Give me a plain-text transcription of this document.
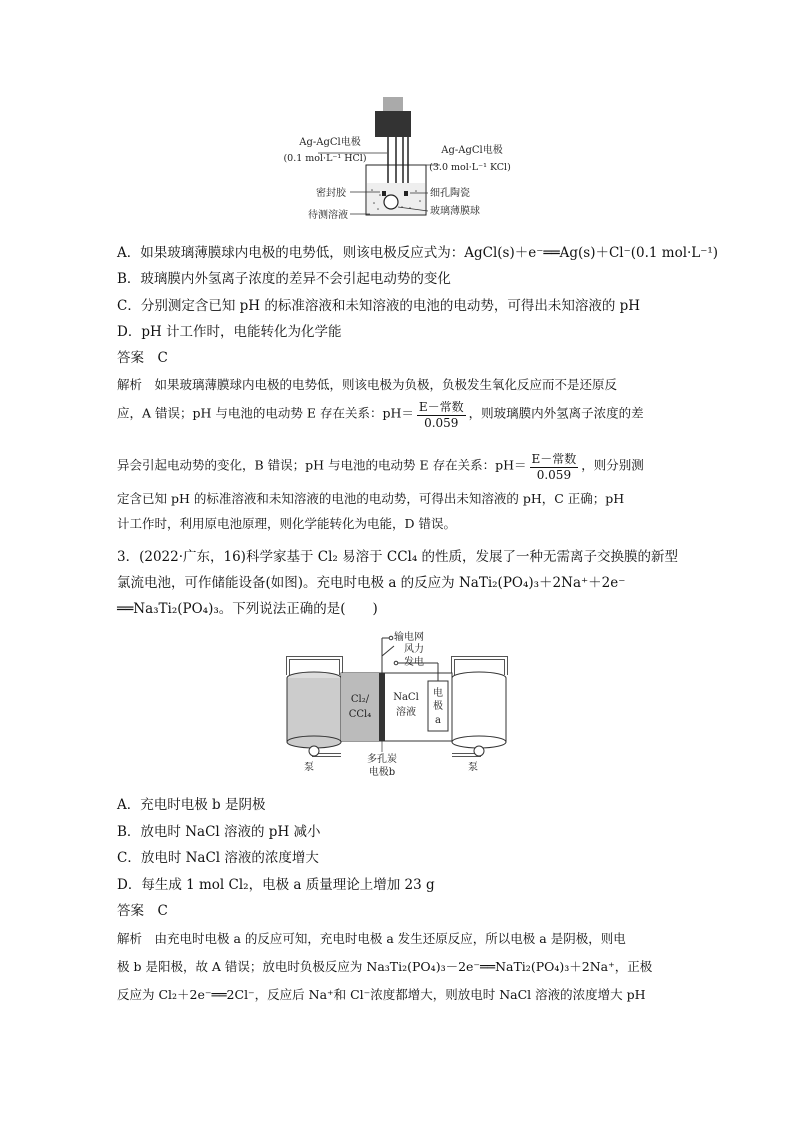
Ag-AgCl电极
(0.1 mol·L⁻¹ HCl)
Ag-AgCl电极
(3.0 mol·L⁻¹ KCl)
密封胶
待测溶液
细孔陶瓷
玻璃薄膜球
A．如果玻璃薄膜球内电极的电势低，则该电极反应式为：AgCl(s)＋e⁻══Ag(s)＋Cl⁻(0.1 mol·L⁻¹)
B．玻璃膜内外氢离子浓度的差异不会引起电动势的变化
C．分别测定含已知 pH 的标准溶液和未知溶液的电池的电动势，可得出未知溶液的 pH
D．pH 计工作时，电能转化为化学能
答案　C
解析　如果玻璃薄膜球内电极的电势低，则该电极为负极，负极发生氧化反应而不是还原反
应，A 错误；pH 与电池的电动势 E 存在关系：$pH= \frac{\text{E－常数}}{0.059}$ ，则玻璃膜内外氢离子浓度的差
异会引起电动势的变化，B 错误；pH 与电池的电动势 E 存在关系：$pH= \frac{\text{E－常数}}{0.059}$ ，则分别测
定含已知 pH 的标准溶液和未知溶液的电池的电动势，可得出未知溶液的 pH，C 正确；pH
计工作时，利用原电池原理，则化学能转化为电能，D 错误。
3．(2022·广东，16)科学家基于 Cl₂ 易溶于 CCl₄ 的性质，发展了一种无需离子交换膜的新型
氯流电池，可作储能设备(如图)。充电时电极 a 的反应为 NaTi₂(PO₄)₃＋2Na⁺＋2e⁻
══Na₃Ti₂(PO₄)₃。下列说法正确的是(　　)
输电网
风力
发电
Cl₂/
CCl₄
NaCl
溶液
电
极
a
泵	泵
多孔炭
电极b
A．充电时电极 b 是阴极
B．放电时 NaCl 溶液的 pH 减小
C．放电时 NaCl 溶液的浓度增大
D．每生成 1 mol Cl₂，电极 a 质量理论上增加 23 g
答案　C
解析　由充电时电极 a 的反应可知，充电时电极 a 发生还原反应，所以电极 a 是阴极，则电
极 b 是阳极，故 A 错误；放电时负极反应为 Na₃Ti₂(PO₄)₃－2e⁻══NaTi₂(PO₄)₃＋2Na⁺，正极
反应为 Cl₂＋2e⁻══2Cl⁻，反应后 Na⁺和 Cl⁻浓度都增大，则放电时 NaCl 溶液的浓度增大 pH
